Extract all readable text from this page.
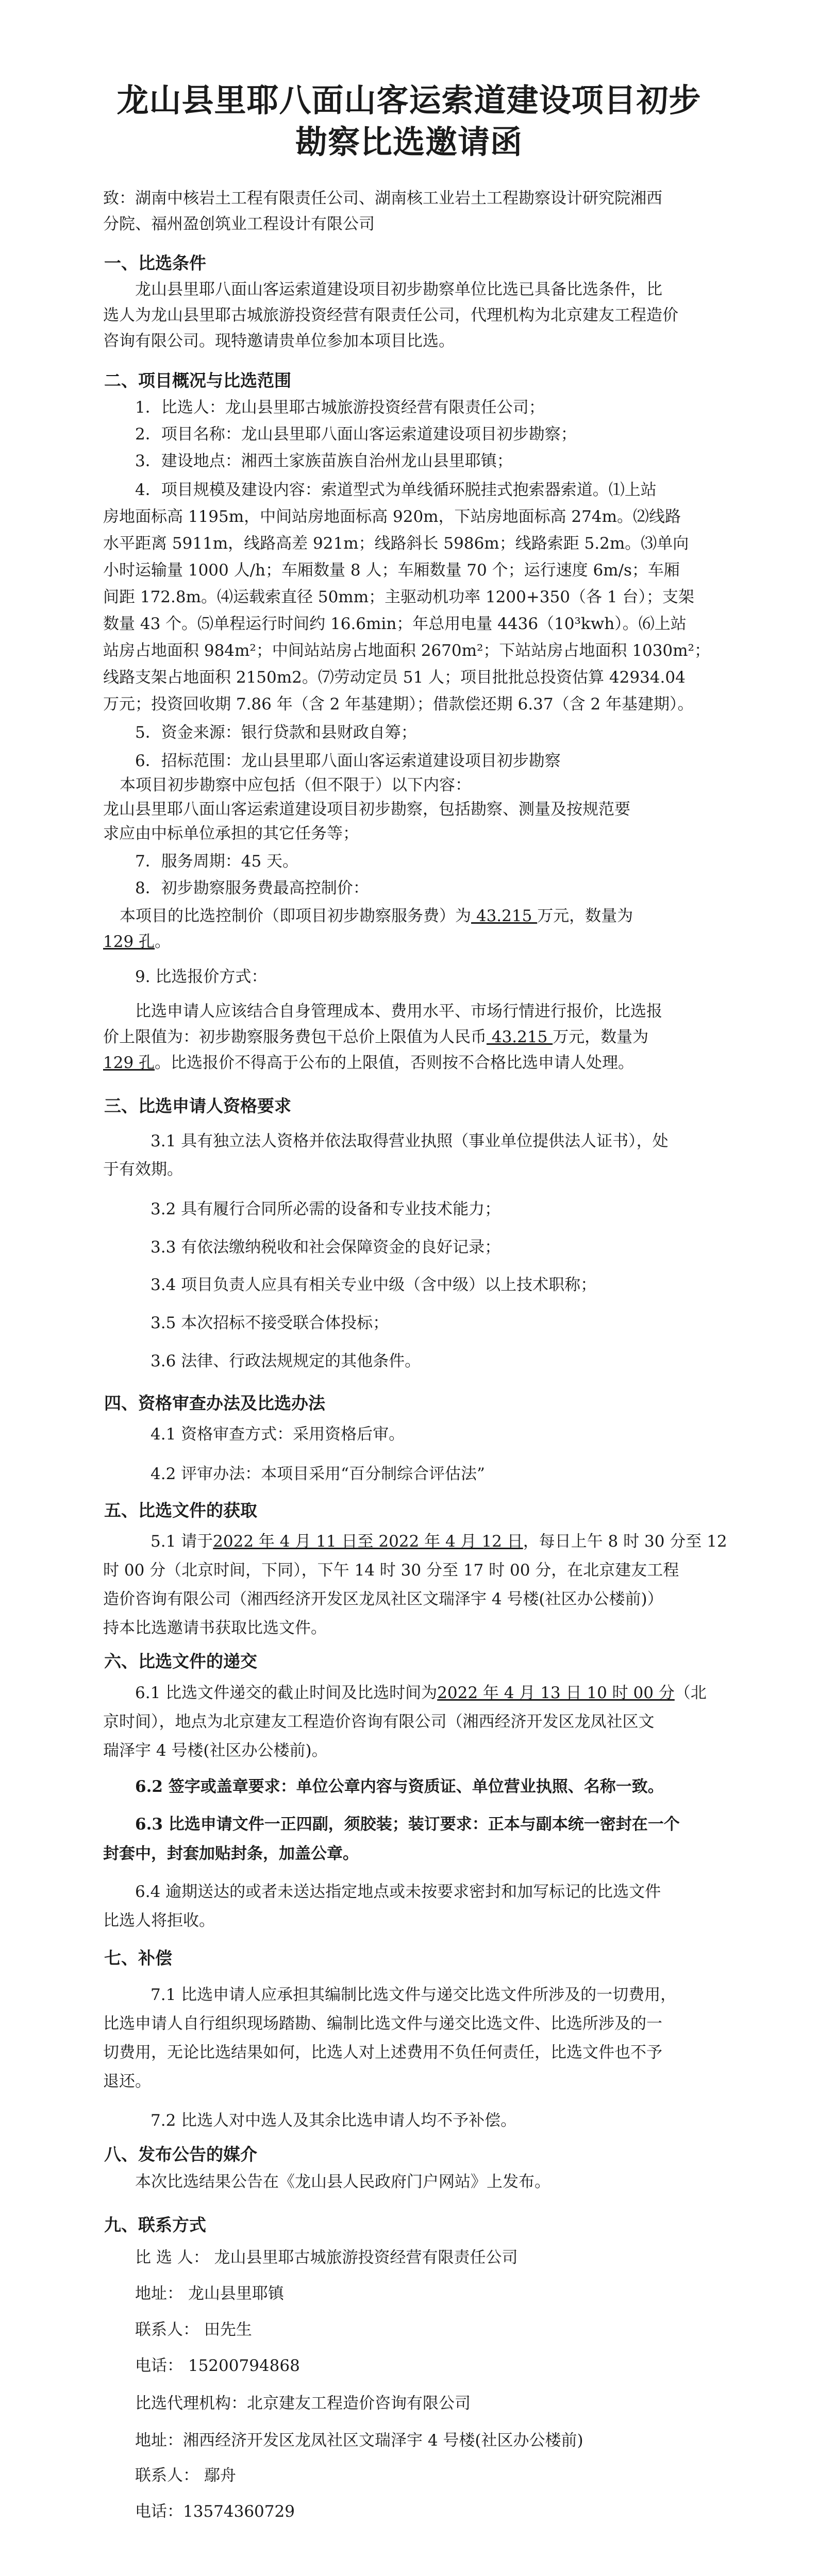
龙山县里耶八面山客运索道建设项目初步
勘察比选邀请函
致：湖南中核岩土工程有限责任公司、湖南核工业岩土工程勘察设计研究院湘西
分院、福州盈创筑业工程设计有限公司
一、比选条件
龙山县里耶八面山客运索道建设项目初步勘察单位比选已具备比选条件，比
选人为龙山县里耶古城旅游投资经营有限责任公司，代理机构为北京建友工程造价
咨询有限公司。现特邀请贵单位参加本项目比选。
二、项目概况与比选范围
1．比选人：龙山县里耶古城旅游投资经营有限责任公司；
2．项目名称：龙山县里耶八面山客运索道建设项目初步勘察；
3．建设地点：湘西土家族苗族自治州龙山县里耶镇；
4．项目规模及建设内容：索道型式为单线循环脱挂式抱索器索道。⑴上站
房地面标高 1195m，中间站房地面标高 920m，下站房地面标高 274m。⑵线路
水平距离 5911m，线路高差 921m；线路斜长 5986m；线路索距 5.2m。⑶单向
小时运输量 1000 人/h；车厢数量 8 人；车厢数量 70 个；运行速度 6m/s；车厢
间距 172.8m。⑷运载索直径 50mm；主驱动机功率 1200+350（各 1 台）；支架
数量 43 个。⑸单程运行时间约 16.6min；年总用电量 4436（10³kwh）。⑹上站
站房占地面积 984m²；中间站站房占地面积 2670m²；下站站房占地面积 1030m²；
线路支架占地面积 2150m2。⑺劳动定员 51 人；项目批批总投资估算 42934.04
万元；投资回收期 7.86 年（含 2 年基建期）；借款偿还期 6.37（含 2 年基建期）。
5．资金来源：银行贷款和县财政自筹；
6．招标范围：龙山县里耶八面山客运索道建设项目初步勘察
本项目初步勘察中应包括（但不限于）以下内容：
龙山县里耶八面山客运索道建设项目初步勘察，包括勘察、测量及按规范要
求应由中标单位承担的其它任务等；
7．服务周期：45 天。
8．初步勘察服务费最高控制价：
本项目的比选控制价（即项目初步勘察服务费）为 43.215 万元，数量为
129 孔。
9. 比选报价方式：
比选申请人应该结合自身管理成本、费用水平、市场行情进行报价，比选报
价上限值为：初步勘察服务费包干总价上限值为人民币 43.215 万元，数量为
129 孔。比选报价不得高于公布的上限值，否则按不合格比选申请人处理。
三、比选申请人资格要求
3.1 具有独立法人资格并依法取得营业执照（事业单位提供法人证书），处
于有效期。
3.2 具有履行合同所必需的设备和专业技术能力；
3.3 有依法缴纳税收和社会保障资金的良好记录；
3.4 项目负责人应具有相关专业中级（含中级）以上技术职称；
3.5 本次招标不接受联合体投标；
3.6 法律、行政法规规定的其他条件。
四、资格审查办法及比选办法
4.1 资格审查方式：采用资格后审。
4.2 评审办法：本项目采用“百分制综合评估法”
五、比选文件的获取
5.1 请于2022 年 4 月 11 日至 2022 年 4 月 12 日，每日上午 8 时 30 分至 12
时 00 分（北京时间，下同），下午 14 时 30 分至 17 时 00 分，在北京建友工程
造价咨询有限公司（湘西经济开发区龙凤社区文瑞泽宇 4 号楼(社区办公楼前)）
持本比选邀请书获取比选文件。
六、比选文件的递交
6.1 比选文件递交的截止时间及比选时间为2022 年 4 月 13 日 10 时 00 分（北
京时间），地点为北京建友工程造价咨询有限公司（湘西经济开发区龙凤社区文
瑞泽宇 4 号楼(社区办公楼前)。
6.2 签字或盖章要求：单位公章内容与资质证、单位营业执照、名称一致。
6.3 比选申请文件一正四副，须胶装；装订要求：正本与副本统一密封在一个
封套中，封套加贴封条，加盖公章。
6.4 逾期送达的或者未送达指定地点或未按要求密封和加写标记的比选文件
比选人将拒收。
七、补偿
7.1 比选申请人应承担其编制比选文件与递交比选文件所涉及的一切费用，
比选申请人自行组织现场踏勘、编制比选文件与递交比选文件、比选所涉及的一
切费用，无论比选结果如何，比选人对上述费用不负任何责任，比选文件也不予
退还。
7.2 比选人对中选人及其余比选申请人均不予补偿。
八、发布公告的媒介
本次比选结果公告在《龙山县人民政府门户网站》上发布。
九、联系方式
比 选 人： 龙山县里耶古城旅游投资经营有限责任公司
地址： 龙山县里耶镇
联系人： 田先生
电话： 15200794868
比选代理机构：北京建友工程造价咨询有限公司
地址：湘西经济开发区龙凤社区文瑞泽宇 4 号楼(社区办公楼前)
联系人： 鄢舟
电话：13574360729
